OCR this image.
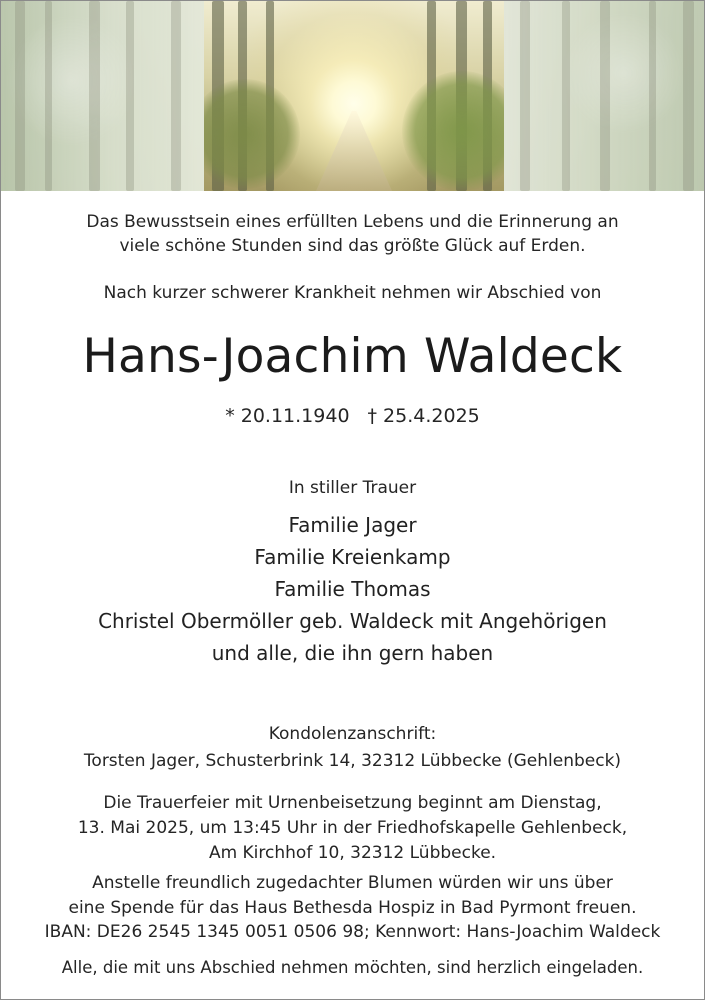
Das Bewusstsein eines erfüllten Lebens und die Erinnerung an
viele schöne Stunden sind das größte Glück auf Erden.
Nach kurzer schwerer Krankheit nehmen wir Abschied von
Hans-Joachim Waldeck
* 20.11.1940 † 25.4.2025
In stiller Trauer
Familie Jager
Familie Kreienkamp
Familie Thomas
Christel Obermöller geb. Waldeck mit Angehörigen
und alle, die ihn gern haben
Kondolenzanschrift:
Torsten Jager, Schusterbrink 14, 32312 Lübbecke (Gehlenbeck)
Die Trauerfeier mit Urnenbeisetzung beginnt am Dienstag,
13. Mai 2025, um 13:45 Uhr in der Friedhofskapelle Gehlenbeck,
Am Kirchhof 10, 32312 Lübbecke.
Anstelle freundlich zugedachter Blumen würden wir uns über
eine Spende für das Haus Bethesda Hospiz in Bad Pyrmont freuen.
IBAN: DE26 2545 1345 0051 0506 98; Kennwort: Hans-Joachim Waldeck
Alle, die mit uns Abschied nehmen möchten, sind herzlich eingeladen.
